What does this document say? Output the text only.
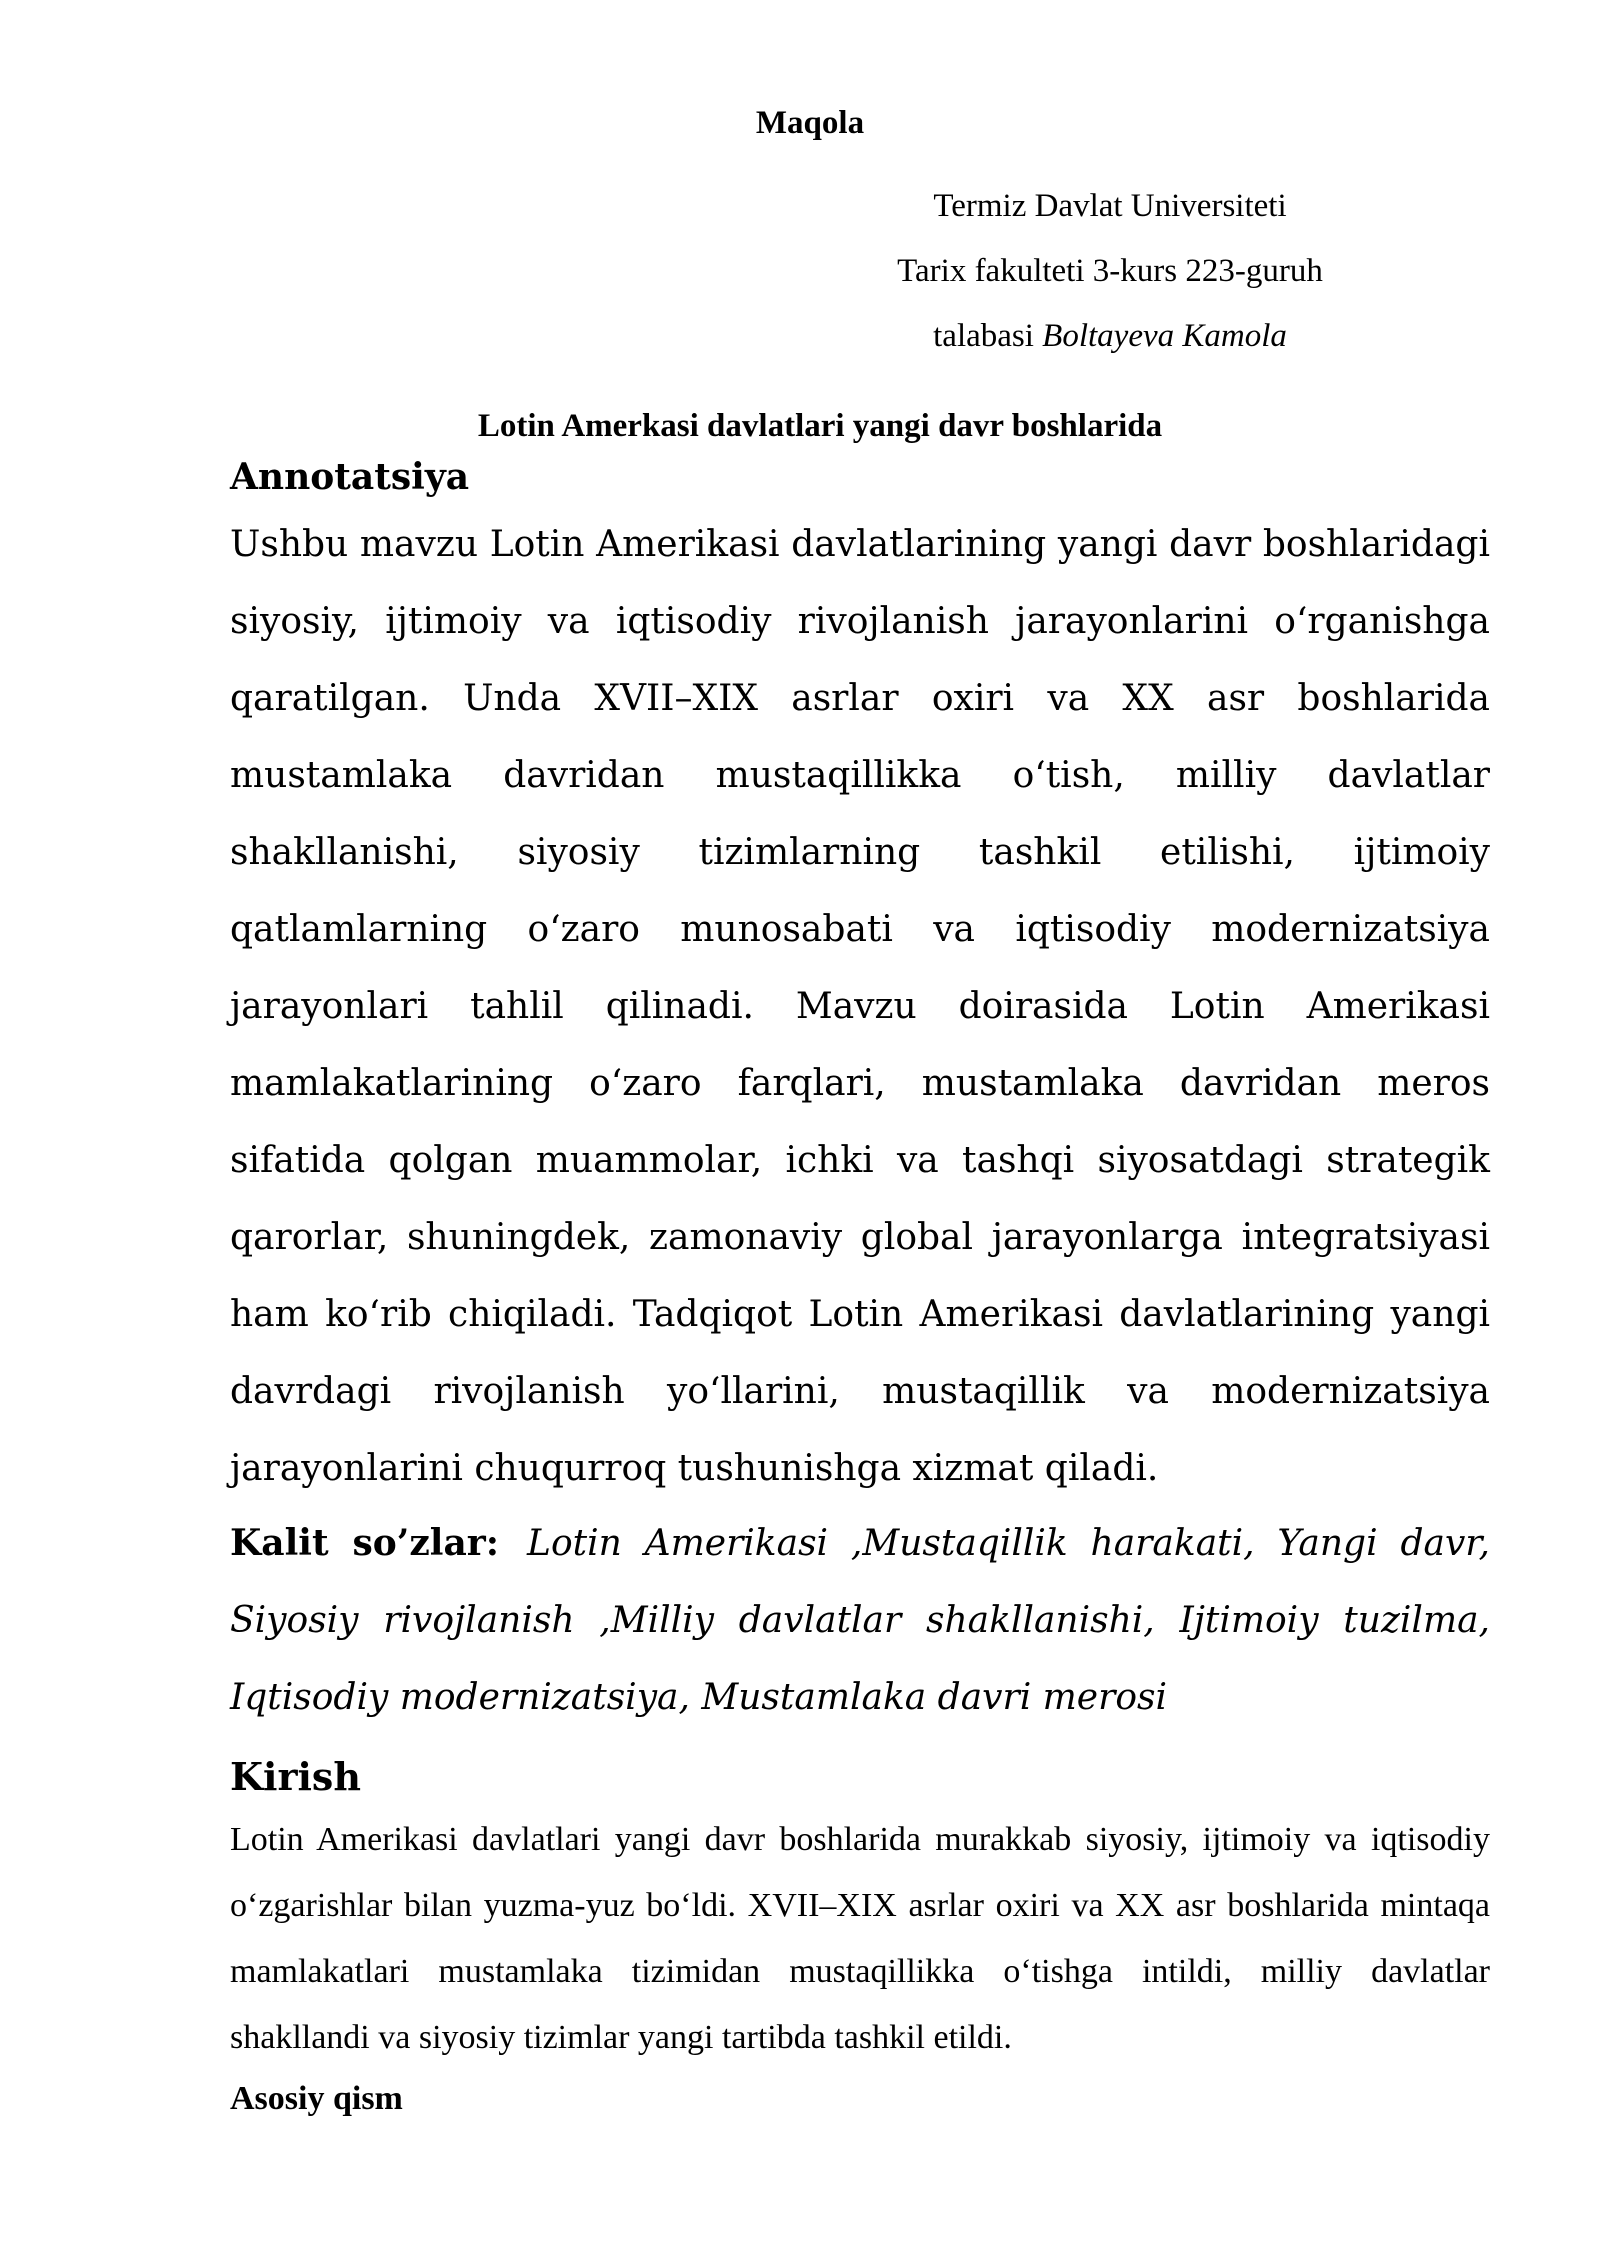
Maqola

Termiz Davlat Universiteti

Tarix fakulteti 3-kurs 223-guruh

talabasi Boltayeva Kamola

Lotin Amerkasi davlatlari yangi davr boshlarida
Annotatsiya

Ushbu mavzu Lotin Amerikasi davlatlarining yangi davr boshlaridagi siyosiy, ijtimoiy va iqtisodiy rivojlanish jarayonlarini o‘rganishga qaratilgan. Unda XVII–XIX asrlar oxiri va XX asr boshlarida mustamlaka davridan mustaqillikka o‘tish, milliy davlatlar shakllanishi, siyosiy tizimlarning tashkil etilishi, ijtimoiy qatlamlarning o‘zaro munosabati va iqtisodiy modernizatsiya jarayonlari tahlil qilinadi. Mavzu doirasida Lotin Amerikasi mamlakatlarining o‘zaro farqlari, mustamlaka davridan meros sifatida qolgan muammolar, ichki va tashqi siyosatdagi strategik qarorlar, shuningdek, zamonaviy global jarayonlarga integratsiyasi ham ko‘rib chiqiladi. Tadqiqot Lotin Amerikasi davlatlarining yangi davrdagi rivojlanish yo‘llarini, mustaqillik va modernizatsiya jarayonlarini chuqurroq tushunishga xizmat qiladi.

Kalit so’zlar: Lotin Amerikasi ,Mustaqillik harakati, Yangi davr, Siyosiy rivojlanish ,Milliy davlatlar shakllanishi, Ijtimoiy tuzilma, Iqtisodiy modernizatsiya, Mustamlaka davri merosi

Kirish

Lotin Amerikasi davlatlari yangi davr boshlarida murakkab siyosiy, ijtimoiy va iqtisodiy o‘zgarishlar bilan yuzma-yuz bo‘ldi. XVII–XIX asrlar oxiri va XX asr boshlarida mintaqa mamlakatlari mustamlaka tizimidan mustaqillikka o‘tishga intildi, milliy davlatlar shakllandi va siyosiy tizimlar yangi tartibda tashkil etildi.

Asosiy qism
